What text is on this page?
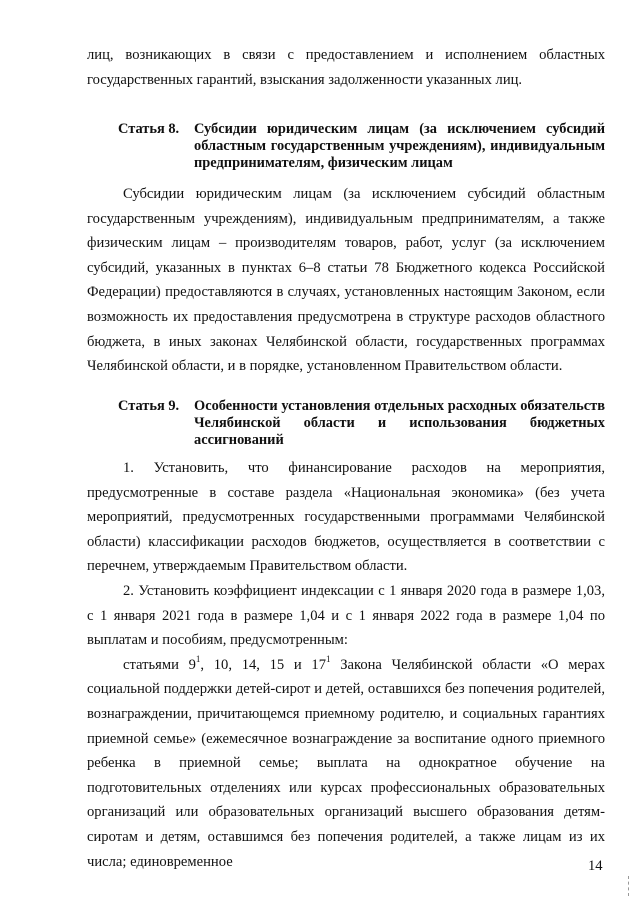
лиц, возникающих в связи с предоставлением и исполнением областных государственных гарантий, взыскания задолженности указанных лиц.

Статья 8.	Субсидии юридическим лицам (за исключением субсидий областным государственным учреждениям), индивидуальным предпринимателям, физическим лицам

Субсидии юридическим лицам (за исключением субсидий областным государственным учреждениям), индивидуальным предпринимателям, а также физическим лицам – производителям товаров, работ, услуг (за исключением субсидий, указанных в пунктах 6–8 статьи 78 Бюджетного кодекса Российской Федерации) предоставляются в случаях, установленных настоящим Законом, если возможность их предоставления предусмотрена в структуре расходов областного бюджета, в иных законах Челябинской области, государственных программах Челябинской области, и в порядке, установленном Правительством области.

Статья 9.	Особенности установления отдельных расходных обязательств Челябинской области и использования бюджетных ассигнований

1. Установить, что финансирование расходов на мероприятия, предусмотренные в составе раздела «Национальная экономика» (без учета мероприятий, предусмотренных государственными программами Челябинской области) классификации расходов бюджетов, осуществляется в соответствии с перечнем, утверждаемым Правительством области.

2. Установить коэффициент индексации с 1 января 2020 года в размере 1,03, с 1 января 2021 года в размере 1,04 и с 1 января 2022 года в размере 1,04 по выплатам и пособиям, предусмотренным:

статьями $9^1$, 10, 14, 15 и $17^1$ Закона Челябинской области «О мерах социальной поддержки детей-сирот и детей, оставшихся без попечения родителей, вознаграждении, причитающемся приемному родителю, и социальных гарантиях приемной семье» (ежемесячное вознаграждение за воспитание одного приемного ребенка в приемной семье; выплата на однократное обучение на подготовительных отделениях или курсах профессиональных образовательных организаций или образовательных организаций высшего образования детям-сиротам и детям, оставшимся без попечения родителей, а также лицам из их числа; единовременное	14
